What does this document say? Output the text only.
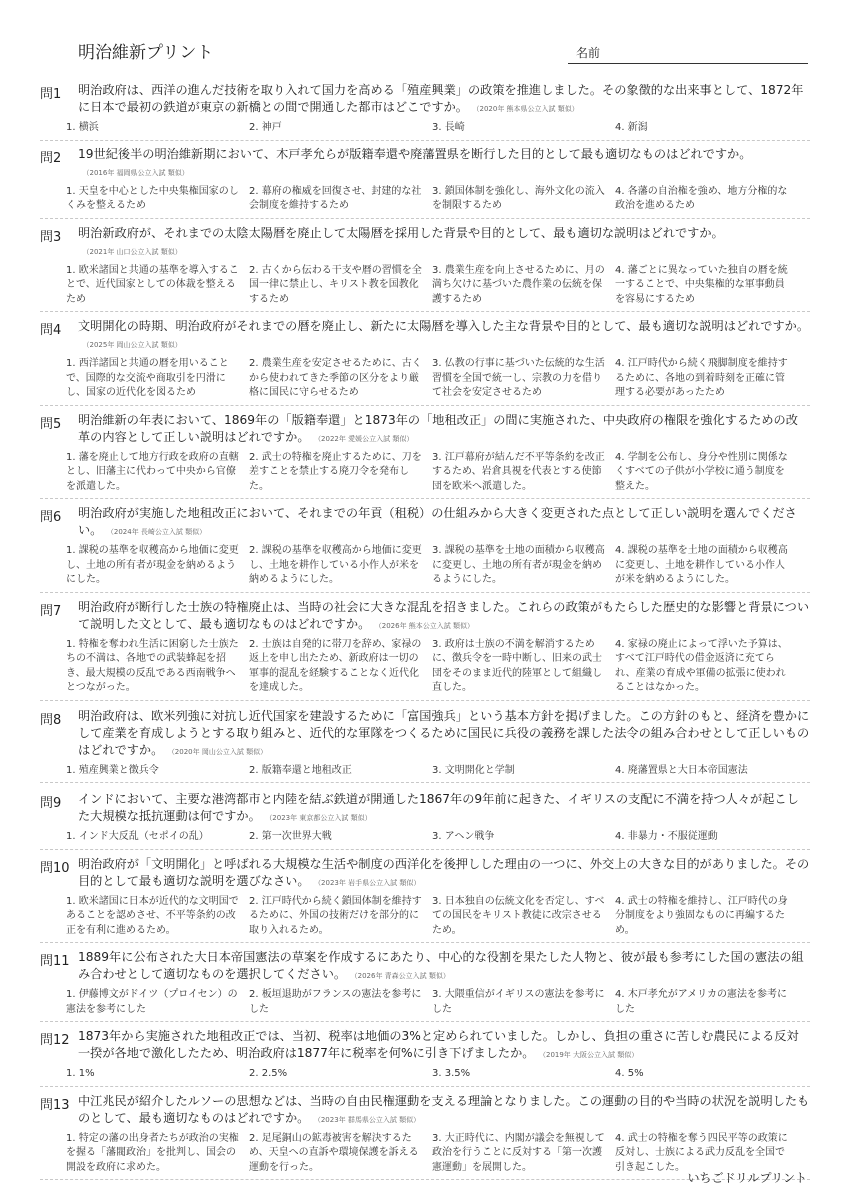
明治維新プリント	名前
問1 明治政府は、西洋の進んだ技術を取り入れて国力を高める「殖産興業」の政策を推進しました。その象徴的な出来事として、1872年に日本で最初の鉄道が東京の新橋との間で開通した都市はどこですか。 （2020年 熊本県公立入試 類似）
1. 横浜	2. 神戸	3. 長崎	4. 新潟
問2 19世紀後半の明治維新期において、木戸孝允らが版籍奉還や廃藩置県を断行した目的として最も適切なものはどれですか。（2016年 福岡県公立入試 類似）
1. 天皇を中心とした中央集権国家のしくみを整えるため
2. 幕府の権威を回復させ、封建的な社会制度を維持するため
3. 鎖国体制を強化し、海外文化の流入を制限するため
4. 各藩の自治権を強め、地方分権的な政治を進めるため
問3 明治新政府が、それまでの太陰太陽暦を廃止して太陽暦を採用した背景や目的として、最も適切な説明はどれですか。（2021年 山口公立入試 類似）
1. 欧米諸国と共通の基準を導入することで、近代国家としての体裁を整えるため
2. 古くから伝わる干支や暦の習慣を全国一律に禁止し、キリスト教を国教化するため
3. 農業生産を向上させるために、月の満ち欠けに基づいた農作業の伝統を保護するため
4. 藩ごとに異なっていた独自の暦を統一することで、中央集権的な軍事動員を容易にするため
問4 文明開化の時期、明治政府がそれまでの暦を廃止し、新たに太陽暦を導入した主な背景や目的として、最も適切な説明はどれですか。（2025年 岡山公立入試 類似）
1. 西洋諸国と共通の暦を用いることで、国際的な交流や商取引を円滑にし、国家の近代化を図るため
2. 農業生産を安定させるために、古くから使われてきた季節の区分をより厳格に国民に守らせるため
3. 仏教の行事に基づいた伝統的な生活習慣を全国で統一し、宗教の力を借りて社会を安定させるため
4. 江戸時代から続く飛脚制度を維持するために、各地の到着時刻を正確に管理する必要があったため
問5 明治維新の年表において、1869年の「版籍奉還」と1873年の「地租改正」の間に実施された、中央政府の権限を強化するための改革の内容として正しい説明はどれですか。 （2022年 愛媛公立入試 類似）
1. 藩を廃止して地方行政を政府の直轄とし、旧藩主に代わって中央から官僚を派遣した。
2. 武士の特権を廃止するために、刀を差すことを禁止する廃刀令を発布した。
3. 江戸幕府が結んだ不平等条約を改正するため、岩倉具視を代表とする使節団を欧米へ派遣した。
4. 学制を公布し、身分や性別に関係なくすべての子供が小学校に通う制度を整えた。
問6 明治政府が実施した地租改正において、それまでの年貢（租税）の仕組みから大きく変更された点として正しい説明を選んでください。 （2024年 長崎公立入試 類似）
1. 課税の基準を収穫高から地価に変更し、土地の所有者が現金を納めるようにした。
2. 課税の基準を収穫高から地価に変更し、土地を耕作している小作人が米を納めるようにした。
3. 課税の基準を土地の面積から収穫高に変更し、土地の所有者が現金を納めるようにした。
4. 課税の基準を土地の面積から収穫高に変更し、土地を耕作している小作人が米を納めるようにした。
問7 明治政府が断行した士族の特権廃止は、当時の社会に大きな混乱を招きました。これらの政策がもたらした歴史的な影響と背景について説明した文として、最も適切なものはどれですか。 （2026年 熊本公立入試 類似）
1. 特権を奪われ生活に困窮した士族たちの不満は、各地での武装蜂起を招き、最大規模の反乱である西南戦争へとつながった。
2. 士族は自発的に帯刀を辞め、家禄の返上を申し出たため、新政府は一切の軍事的混乱を経験することなく近代化を達成した。
3. 政府は士族の不満を解消するために、徴兵令を一時中断し、旧来の武士団をそのまま近代的陸軍として組織し直した。
4. 家禄の廃止によって浮いた予算は、すべて江戸時代の借金返済に充てられ、産業の育成や軍備の拡張に使われることはなかった。
問8 明治政府は、欧米列強に対抗し近代国家を建設するために「富国強兵」という基本方針を掲げました。この方針のもと、経済を豊かにして産業を育成しようとする取り組みと、近代的な軍隊をつくるために国民に兵役の義務を課した法令の組み合わせとして正しいものはどれですか。 （2020年 岡山公立入試 類似）
1. 殖産興業と徴兵令	2. 版籍奉還と地租改正	3. 文明開化と学制	4. 廃藩置県と大日本帝国憲法
問9 インドにおいて、主要な港湾都市と内陸を結ぶ鉄道が開通した1867年の9年前に起きた、イギリスの支配に不満を持つ人々が起こした大規模な抵抗運動は何ですか。 （2023年 東京都公立入試 類似）
1. インド大反乱（セポイの乱）	2. 第一次世界大戦	3. アヘン戦争	4. 非暴力・不服従運動
問10 明治政府が「文明開化」と呼ばれる大規模な生活や制度の西洋化を後押しした理由の一つに、外交上の大きな目的がありました。その目的として最も適切な説明を選びなさい。 （2023年 岩手県公立入試 類似）
1. 欧米諸国に日本が近代的な文明国であることを認めさせ、不平等条約の改正を有利に進めるため。
2. 江戸時代から続く鎖国体制を維持するために、外国の技術だけを部分的に取り入れるため。
3. 日本独自の伝統文化を否定し、すべての国民をキリスト教徒に改宗させるため。
4. 武士の特権を維持し、江戸時代の身分制度をより強固なものに再編するため。
問11 1889年に公布された大日本帝国憲法の草案を作成するにあたり、中心的な役割を果たした人物と、彼が最も参考にした国の憲法の組み合わせとして適切なものを選択してください。 （2026年 青森公立入試 類似）
1. 伊藤博文がドイツ（プロイセン）の憲法を参考にした
2. 板垣退助がフランスの憲法を参考にした
3. 大隈重信がイギリスの憲法を参考にした
4. 木戸孝允がアメリカの憲法を参考にした
問12 1873年から実施された地租改正では、当初、税率は地価の3%と定められていました。しかし、負担の重さに苦しむ農民による反対一揆が各地で激化したため、明治政府は1877年に税率を何%に引き下げましたか。 （2019年 大阪公立入試 類似）
1. 1%	2. 2.5%	3. 3.5%	4. 5%
問13 中江兆民が紹介したルソーの思想などは、当時の自由民権運動を支える理論となりました。この運動の目的や当時の状況を説明したものとして、最も適切なものはどれですか。 （2023年 群馬県公立入試 類似）
1. 特定の藩の出身者たちが政治の実権を握る「藩閥政治」を批判し、国会の開設を政府に求めた。
2. 足尾銅山の鉱毒被害を解決するため、天皇への直訴や環境保護を訴える運動を行った。
3. 大正時代に、内閣が議会を無視して政治を行うことに反対する「第一次護憲運動」を展開した。
4. 武士の特権を奪う四民平等の政策に反対し、士族による武力反乱を全国で引き起こした。
いちごドリルプリント
